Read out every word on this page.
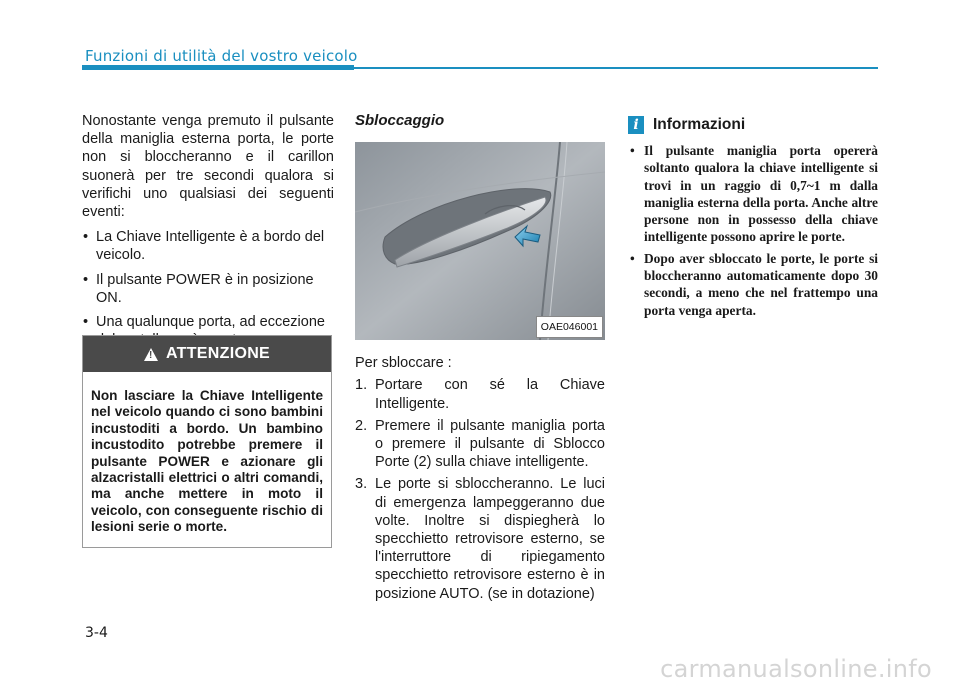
Funzioni di utilità del vostro veicolo

Nonostante venga premuto il pulsante della maniglia esterna porta, le porte non si bloccheranno e il carillon suonerà per tre secondi qualora si verifichi uno qualsiasi dei seguenti eventi:

• La Chiave Intelligente è a bordo del veicolo.
• Il pulsante POWER è in posizione ON.
• Una qualunque porta, ad eccezione
! ATTENZIONE
Non lasciare la Chiave Intelligente nel veicolo quando ci sono bambini incustoditi a bordo. Un bambino incustodito potrebbe premere il pulsante POWER e azionare gli alzacristalli elettrici o altri comandi, ma anche mettere in moto il veicolo, con conseguente rischio di lesioni serie o morte.
Sbloccaggio
OAE046001
Per sbloccare :
1. Portare con sé la Chiave Intelligente.
2. Premere il pulsante maniglia porta o premere il pulsante di Sblocco Porte (2) sulla chiave intelligente.
3. Le porte si sbloccheranno. Le luci di emergenza lampeggeranno due volte. Inoltre si dispiegherà lo specchietto retrovisore esterno, se l'interruttore di ripiegamento specchietto retrovisore esterno è in posizione AUTO. (se in dotazione)
i Informazioni
• Il pulsante maniglia porta opererà soltanto qualora la chiave intelligente si trovi in un raggio di 0,7~1 m dalla maniglia esterna della porta. Anche altre persone non in possesso della chiave intelligente possono aprire le porte.
• Dopo aver sbloccato le porte, le porte si bloccheranno automaticamente dopo 30 secondi, a meno che nel frattempo una porta venga aperta.
3-4
carmanualsonline.info
